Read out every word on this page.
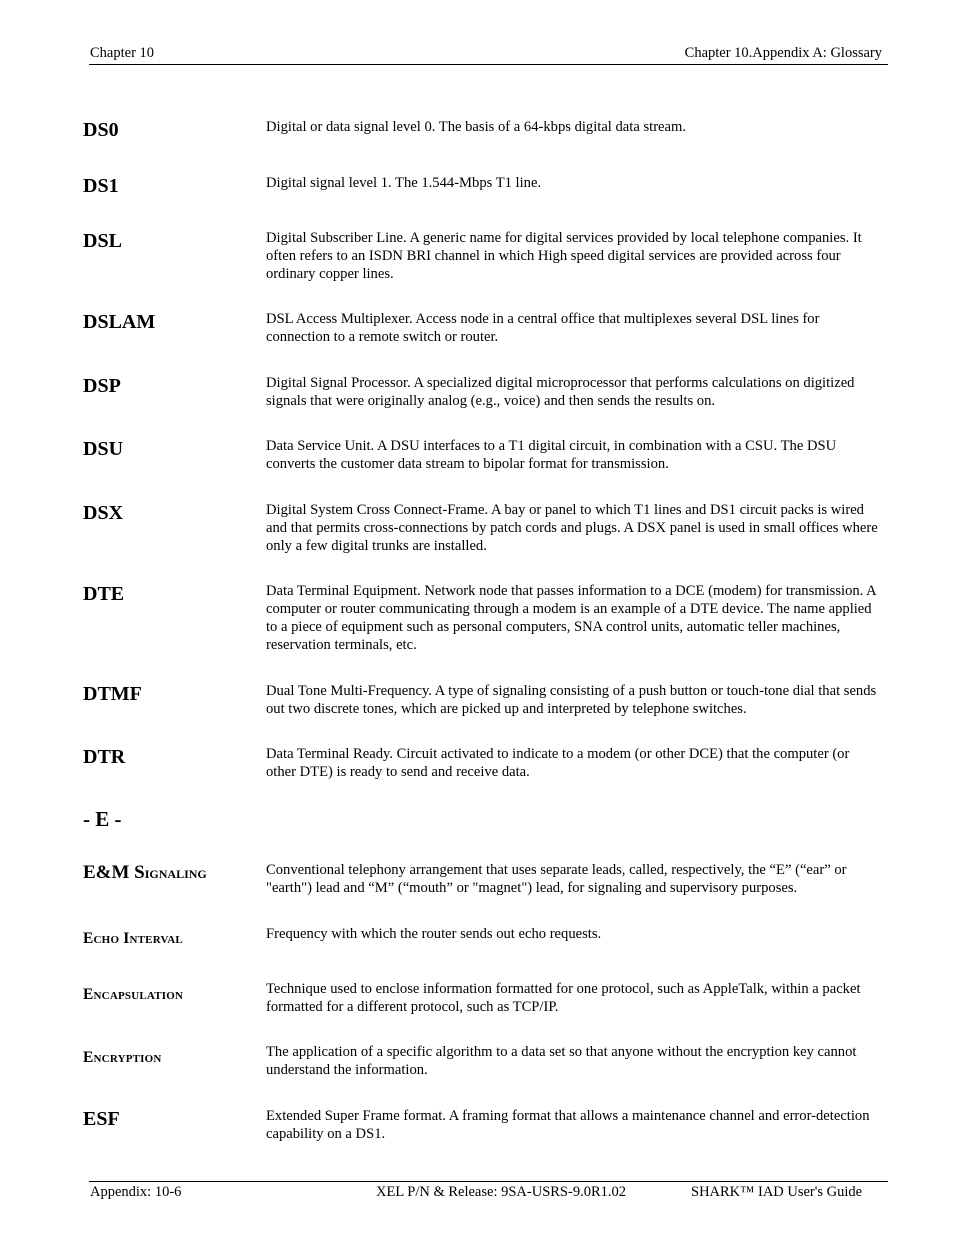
Chapter 10	Chapter 10.Appendix A: Glossary
DS0	Digital or data signal level 0. The basis of a 64-kbps digital data stream.
DS1	Digital signal level 1. The 1.544-Mbps T1 line.
DSL	Digital Subscriber Line. A generic name for digital services provided by local telephone companies. It often refers to an ISDN BRI channel in which High speed digital services are provided across four ordinary copper lines.
DSLAM	DSL Access Multiplexer. Access node in a central office that multiplexes several DSL lines for connection to a remote switch or router.
DSP	Digital Signal Processor. A specialized digital microprocessor that performs calculations on digitized signals that were originally analog (e.g., voice) and then sends the results on.
DSU	Data Service Unit. A DSU interfaces to a T1 digital circuit, in combination with a CSU. The DSU converts the customer data stream to bipolar format for transmission.
DSX	Digital System Cross Connect-Frame. A bay or panel to which T1 lines and DS1 circuit packs is wired and that permits cross-connections by patch cords and plugs. A DSX panel is used in small offices where only a few digital trunks are installed.
DTE	Data Terminal Equipment. Network node that passes information to a DCE (modem) for transmission. A computer or router communicating through a modem is an example of a DTE device. The name applied to a piece of equipment such as personal computers, SNA control units, automatic teller machines, reservation terminals, etc.
DTMF	Dual Tone Multi-Frequency. A type of signaling consisting of a push button or touch-tone dial that sends out two discrete tones, which are picked up and interpreted by telephone switches.
DTR	Data Terminal Ready. Circuit activated to indicate to a modem (or other DCE) that the computer (or other DTE) is ready to send and receive data.
- E -
E&M Signaling	Conventional telephony arrangement that uses separate leads, called, respectively, the “E” (“ear” or "earth") lead and “M” (“mouth” or "magnet") lead, for signaling and supervisory purposes.
Echo Interval	Frequency with which the router sends out echo requests.
Encapsulation	Technique used to enclose information formatted for one protocol, such as AppleTalk, within a packet formatted for a different protocol, such as TCP/IP.
Encryption	The application of a specific algorithm to a data set so that anyone without the encryption key cannot understand the information.
ESF	Extended Super Frame format. A framing format that allows a maintenance channel and error-detection capability on a DS1.
Appendix: 10-6	XEL P/N & Release: 9SA-USRS-9.0R1.02	SHARK™ IAD User's Guide
